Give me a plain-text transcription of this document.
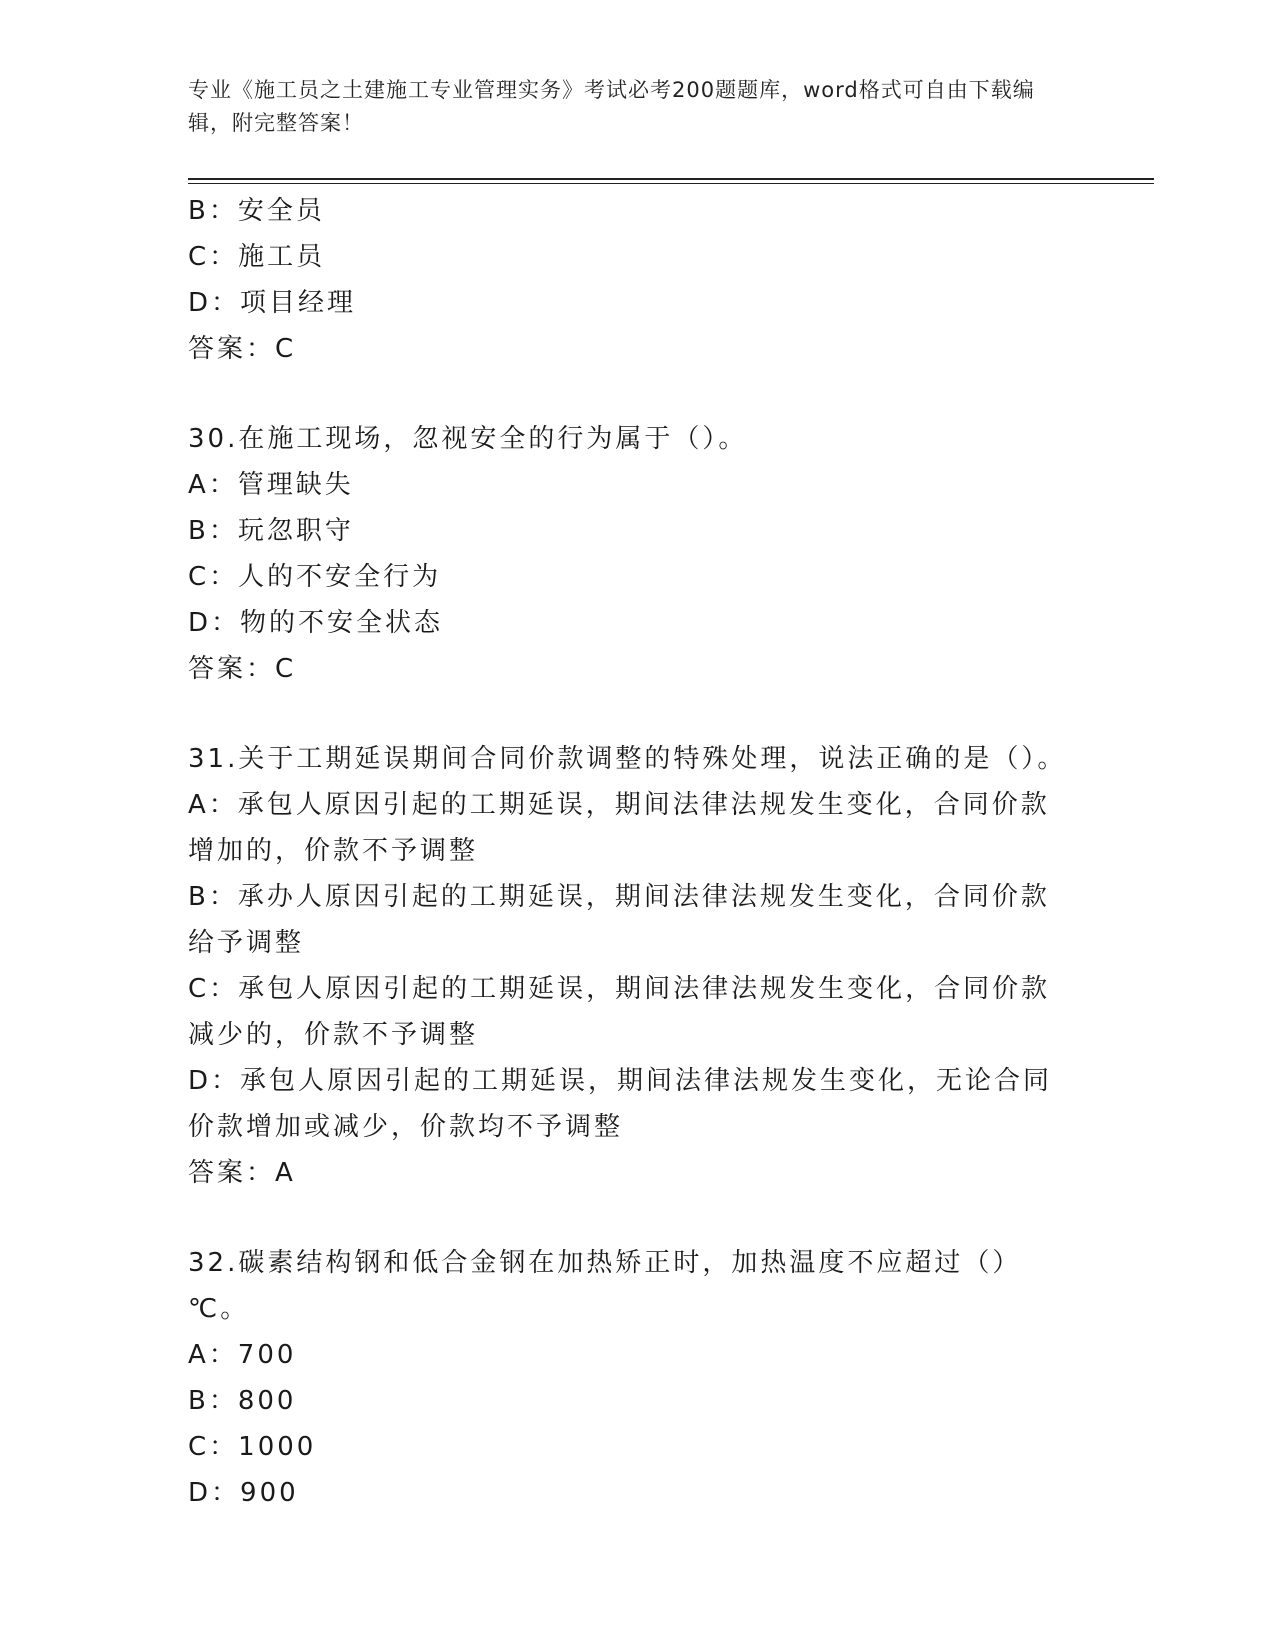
专业《施工员之土建施工专业管理实务》考试必考200题题库，word格式可自由下载编辑，附完整答案！

B：安全员

C：施工员

D：项目经理

答案：C

30.在施工现场，忽视安全的行为属于（）。

A：管理缺失

B：玩忽职守

C：人的不安全行为

D：物的不安全状态

答案：C

31.关于工期延误期间合同价款调整的特殊处理，说法正确的是（）。

A：承包人原因引起的工期延误，期间法律法规发生变化，合同价款增加的，价款不予调整

B：承办人原因引起的工期延误，期间法律法规发生变化，合同价款给予调整

C：承包人原因引起的工期延误，期间法律法规发生变化，合同价款减少的，价款不予调整

D：承包人原因引起的工期延误，期间法律法规发生变化，无论合同价款增加或减少，价款均不予调整

答案：A

32.碳素结构钢和低合金钢在加热矫正时，加热温度不应超过（）℃。

A：700

B：800

C：1000

D：900
